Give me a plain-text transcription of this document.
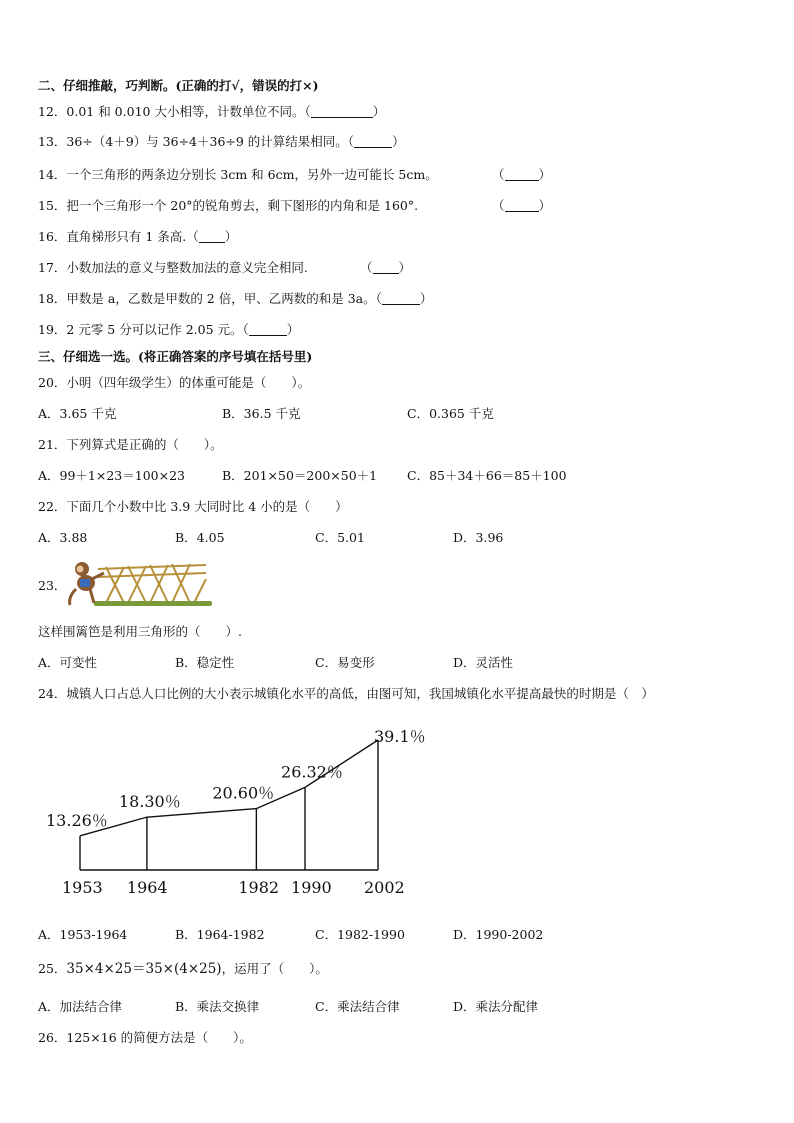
二、仔细推敲，巧判断。(正确的打√，错误的打×)
12．0.01 和 0.010 大小相等，计数单位不同。（	）
13．36÷（4＋9）与 36÷4＋36÷9 的计算结果相同。（	）
14．一个三角形的两条边分别长 3cm 和 6cm，另外一边可能长 5cm。	（	）
15．把一个三角形一个 20°的锐角剪去，剩下图形的内角和是 160°.	（	）
16．直角梯形只有 1 条高.（ ）
17．小数加法的意义与整数加法的意义完全相同.	（ ）
18．甲数是 a，乙数是甲数的 2 倍，甲、乙两数的和是 3a。（	）
19．2 元零 5 分可以记作 2.05 元。（	）
三、仔细选一选。(将正确答案的序号填在括号里)
20．小明（四年级学生）的体重可能是（　　）。
A．3.65 千克	B．36.5 千克	C．0.365 千克
21．下列算式是正确的（　　）。
A．99＋1×23＝100×23	B．201×50＝200×50＋1 C．85＋34＋66＝85＋100
22．下面几个小数中比 3.9 大同时比 4 小的是（　　）
A．3.88	B．4.05	C．5.01	D．3.96
23．
这样围篱笆是利用三角形的（　　）.
A．可变性	B．稳定性	C．易变形	D．灵活性
24．城镇人口占总人口比例的大小表示城镇化水平的高低，由图可知，我国城镇化水平提高最快的时期是（　）
13.26％
18.30％ 20.60％
26.32％
39.1％
1953 1964	1982 1990 2002
A．1953-1964	B．1964-1982	C．1982-1990	D．1990-2002
25．35×4×25＝35×(4×25)，运用了（　　）。
A．加法结合律	B．乘法交换律	C．乘法结合律	D．乘法分配律
26．125×16 的简便方法是（　　）。
